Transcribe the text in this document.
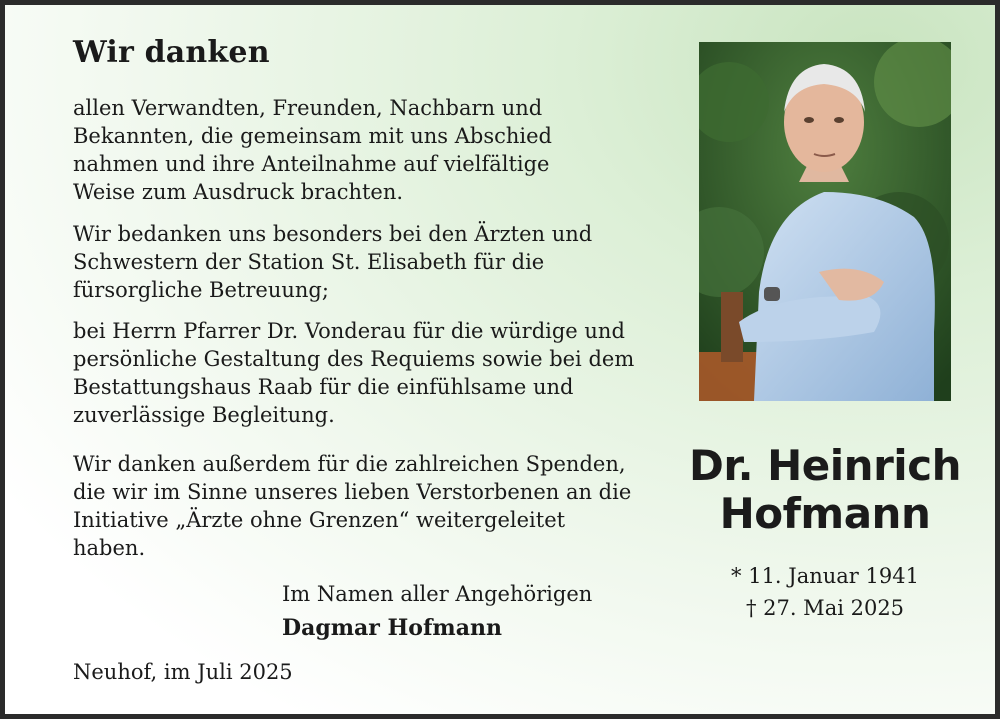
Wir danken
allen Verwandten, Freunden, Nachbarn und
Bekannten, die gemeinsam mit uns Abschied
nahmen und ihre Anteilnahme auf vielfältige
Weise zum Ausdruck brachten.
Wir bedanken uns besonders bei den Ärzten und
Schwestern der Station St. Elisabeth für die
fürsorgliche Betreuung;
bei Herrn Pfarrer Dr. Vonderau für die würdige und
persönliche Gestaltung des Requiems sowie bei dem
Bestattungshaus Raab für die einfühlsame und
zuverlässige Begleitung.
Wir danken außerdem für die zahlreichen Spenden,
die wir im Sinne unseres lieben Verstorbenen an die
Initiative „Ärzte ohne Grenzen“ weitergeleitet
haben.
Im Namen aller Angehörigen
Dagmar Hofmann
Neuhof, im Juli 2025
Dr. Heinrich
Hofmann
* 11. Januar 1941
† 27. Mai 2025
